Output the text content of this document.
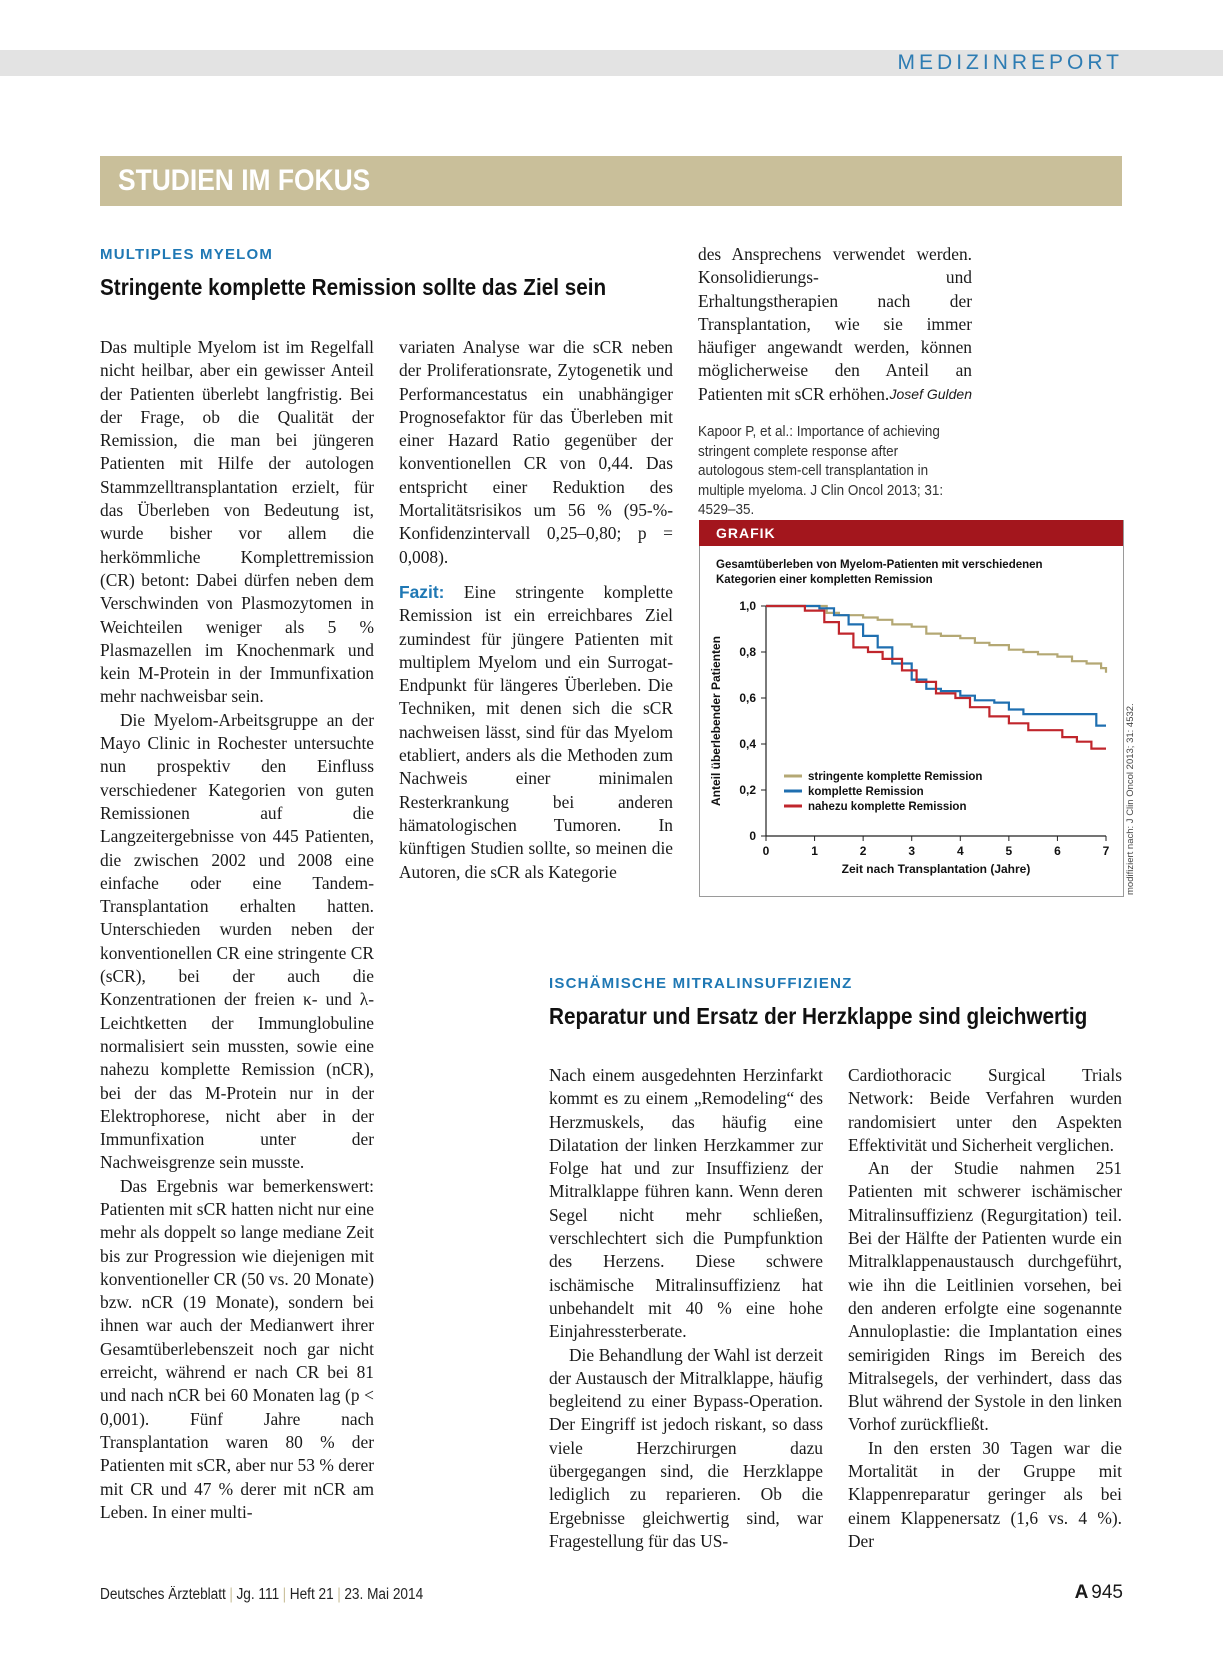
MEDIZINREPORT
STUDIEN IM FOKUS
MULTIPLES MYELOM
Stringente komplette Remission sollte das Ziel sein

Das multiple Myelom ist im Regelfall nicht heilbar, aber ein gewisser Anteil der Patienten überlebt langfristig. Bei der Frage, ob die Qualität der Remission, die man bei jüngeren Patienten mit Hilfe der autologen Stammzelltransplantation erzielt, für das Überleben von Bedeutung ist, wurde bisher vor allem die herkömmliche Komplettremission (CR) betont: Dabei dürfen neben dem Verschwinden von Plasmozytomen in Weichteilen weniger als 5 % Plasmazellen im Knochenmark und kein M-Protein in der Immunfixation mehr nachweisbar sein.

Die Myelom-Arbeitsgruppe an der Mayo Clinic in Rochester untersuchte nun prospektiv den Einfluss verschiedener Kategorien von guten Remissionen auf die Langzeitergebnisse von 445 Patienten, die zwischen 2002 und 2008 eine einfache oder eine Tandem-Transplantation erhalten hatten. Unterschieden wurden neben der konventionellen CR eine stringente CR (sCR), bei der auch die Konzentrationen der freien κ- und λ-Leichtketten der Immunglobuline normalisiert sein mussten, sowie eine nahezu komplette Remission (nCR), bei der das M-Protein nur in der Elektrophorese, nicht aber in der Immunfixation unter der Nachweisgrenze sein musste.

Das Ergebnis war bemerkenswert: Patienten mit sCR hatten nicht nur eine mehr als doppelt so lange mediane Zeit bis zur Progression wie diejenigen mit konventioneller CR (50 vs. 20 Monate) bzw. nCR (19 Monate), sondern bei ihnen war auch der Medianwert ihrer Gesamtüberlebenszeit noch gar nicht erreicht, während er nach CR bei 81 und nach nCR bei 60 Monaten lag (p < 0,001). Fünf Jahre nach Transplantation waren 80 % der Patienten mit sCR, aber nur 53 % derer mit CR und 47 % derer mit nCR am Leben. In einer multi-

variaten Analyse war die sCR neben der Proliferationsrate, Zytogenetik und Performancestatus ein unabhängiger Prognosefaktor für das Überleben mit einer Hazard Ratio gegenüber der konventionellen CR von 0,44. Das entspricht einer Reduktion des Mortalitätsrisikos um 56 % (95-%-Konfidenzintervall 0,25–0,80; p = 0,008).

Fazit: Eine stringente komplette Remission ist ein erreichbares Ziel zumindest für jüngere Patienten mit multiplem Myelom und ein Surrogat-Endpunkt für längeres Überleben. Die Techniken, mit denen sich die sCR nachweisen lässt, sind für das Myelom etabliert, anders als die Methoden zum Nachweis einer minimalen Resterkrankung bei anderen hämatologischen Tumoren. In künftigen Studien sollte, so meinen die Autoren, die sCR als Kategorie

des Ansprechens verwendet werden. Konsolidierungs- und Erhaltungstherapien nach der Transplantation, wie sie immer häufiger angewandt werden, können möglicherweise den Anteil an Patienten mit sCR erhöhen. Josef Gulden

Kapoor P, et al.: Importance of achieving stringent complete response after autologous stem-cell transplantation in multiple myeloma. J Clin Oncol 2013; 31: 4529–35.
GRAFIK
Gesamtüberleben von Myelom-Patienten mit verschiedenen
Kategorien einer kompletten Remission
0
0,2
0,4
0,6
0,8
1,0
0	1	2	3	4	5	6	7
Zeit nach Transplantation (Jahre)
Anteil überlebender Patienten	stringente komplette Remission
komplette Remission
nahezu komplette Remission	modifiziert nach: J Clin Oncol 2013; 31: 4532.
ISCHÄMISCHE MITRALINSUFFIZIENZ
Reparatur und Ersatz der Herzklappe sind gleichwertig

Nach einem ausgedehnten Herzinfarkt kommt es zu einem „Remodeling“ des Herzmuskels, das häufig eine Dilatation der linken Herzkammer zur Folge hat und zur Insuffizienz der Mitralklappe führen kann. Wenn deren Segel nicht mehr schließen, verschlechtert sich die Pumpfunktion des Herzens. Diese schwere ischämische Mitralinsuffizienz hat unbehandelt mit 40 % eine hohe Einjahressterberate.

Die Behandlung der Wahl ist derzeit der Austausch der Mitralklappe, häufig begleitend zu einer Bypass-Operation. Der Eingriff ist jedoch riskant, so dass viele Herzchirurgen dazu übergegangen sind, die Herzklappe lediglich zu reparieren. Ob die Ergebnisse gleichwertig sind, war Fragestellung für das US-

Cardiothoracic Surgical Trials Network: Beide Verfahren wurden randomisiert unter den Aspekten Effektivität und Sicherheit verglichen.

An der Studie nahmen 251 Patienten mit schwerer ischämischer Mitralinsuffizienz (Regurgitation) teil. Bei der Hälfte der Patienten wurde ein Mitralklappenaustausch durchgeführt, wie ihn die Leitlinien vorsehen, bei den anderen erfolgte eine sogenannte Annuloplastie: die Implantation eines semirigiden Rings im Bereich des Mitralsegels, der verhindert, dass das Blut während der Systole in den linken Vorhof zurückfließt.

In den ersten 30 Tagen war die Mortalität in der Gruppe mit Klappenreparatur geringer als bei einem Klappenersatz (1,6 vs. 4 %). Der

Deutsches Ärzteblatt | Jg. 111 | Heft 21 | 23. Mai 2014	A 945
